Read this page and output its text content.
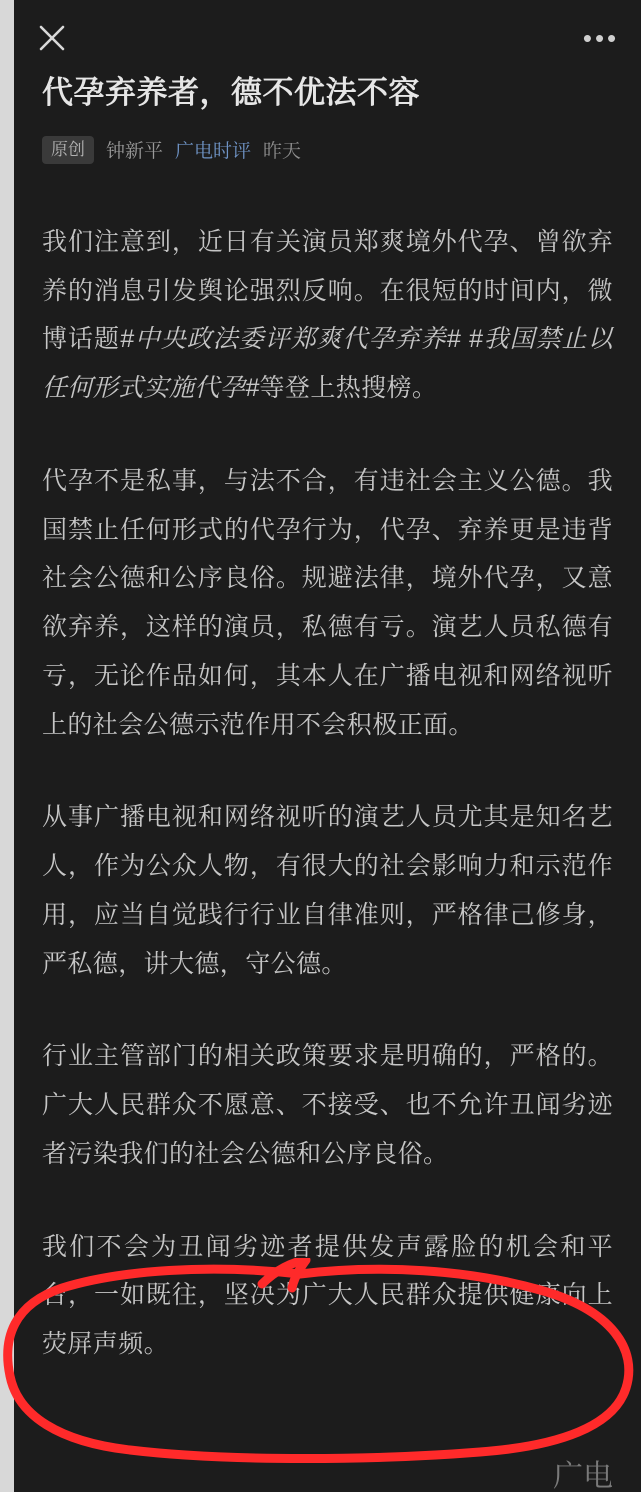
•••
代孕弃养者，德不优法不容
原创	钟新平 广电时评 昨天

我们注意到，近日有关演员郑爽境外代孕、曾欲弃养的消息引发舆论强烈反响。在很短的时间内，微博话题#中央政法委评郑爽代孕弃养# #我国禁止以任何形式实施代孕#等登上热搜榜。

代孕不是私事，与法不合，有违社会主义公德。我国禁止任何形式的代孕行为，代孕、弃养更是违背社会公德和公序良俗。规避法律，境外代孕，又意欲弃养，这样的演员，私德有亏。演艺人员私德有亏，无论作品如何，其本人在广播电视和网络视听上的社会公德示范作用不会积极正面。

从事广播电视和网络视听的演艺人员尤其是知名艺人，作为公众人物，有很大的社会影响力和示范作用，应当自觉践行行业自律准则，严格律己修身，严私德，讲大德，守公德。

行业主管部门的相关政策要求是明确的，严格的。广大人民群众不愿意、不接受、也不允许丑闻劣迹者污染我们的社会公德和公序良俗。

我们不会为丑闻劣迹者提供发声露脸的机会和平台，一如既往，坚决为广大人民群众提供健康向上荧屏声频。

广电
